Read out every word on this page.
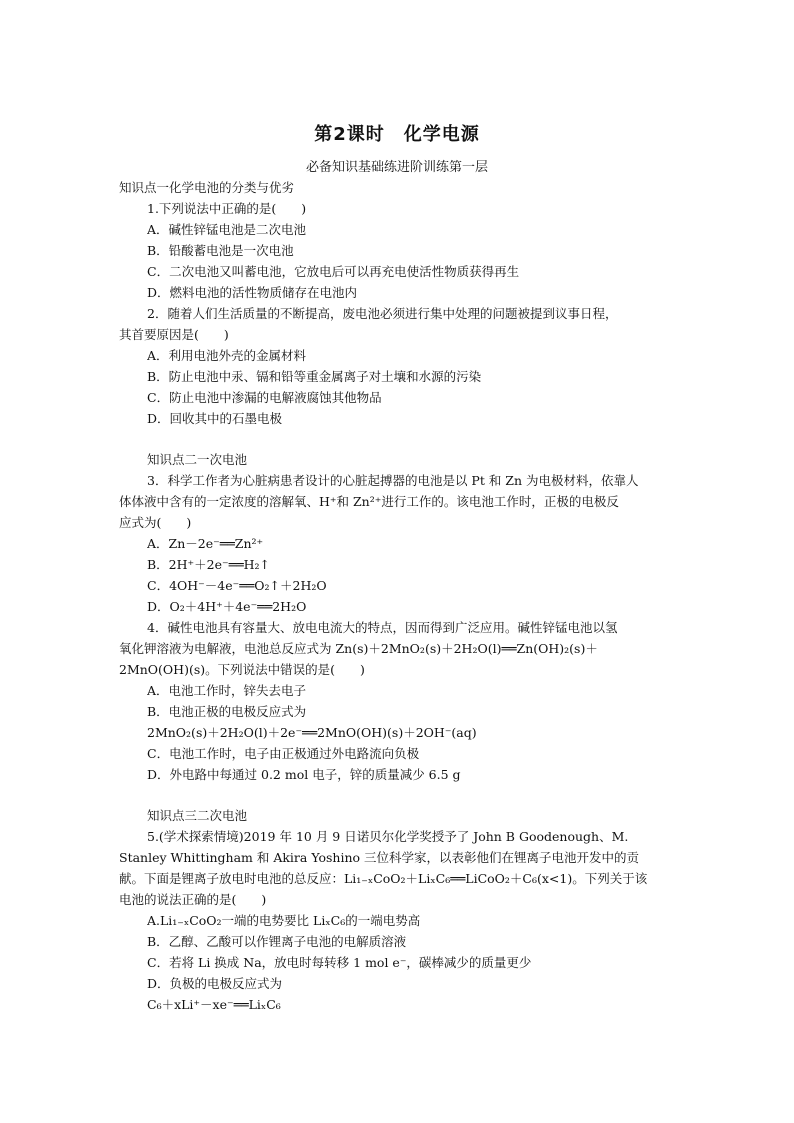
第2课时　化学电源
必备知识基础练进阶训练第一层
知识点一化学电池的分类与优劣
1.下列说法中正确的是(　　)
A．碱性锌锰电池是二次电池
B．铅酸蓄电池是一次电池
C．二次电池又叫蓄电池，它放电后可以再充电使活性物质获得再生
D．燃料电池的活性物质储存在电池内
2．随着人们生活质量的不断提高，废电池必须进行集中处理的问题被提到议事日程，
其首要原因是(　　)
A．利用电池外壳的金属材料
B．防止电池中汞、镉和铅等重金属离子对土壤和水源的污染
C．防止电池中渗漏的电解液腐蚀其他物品
D．回收其中的石墨电极
知识点二一次电池
3．科学工作者为心脏病患者设计的心脏起搏器的电池是以 Pt 和 Zn 为电极材料，依靠人
体体液中含有的一定浓度的溶解氧、H⁺和 Zn²⁺进行工作的。该电池工作时，正极的电极反
应式为(　　)
A．Zn－2e⁻══Zn²⁺
B．2H⁺＋2e⁻══H₂↑
C．4OH⁻－4e⁻══O₂↑＋2H₂O
D．O₂＋4H⁺＋4e⁻══2H₂O
4．碱性电池具有容量大、放电电流大的特点，因而得到广泛应用。碱性锌锰电池以氢
氧化钾溶液为电解液，电池总反应式为 Zn(s)＋2MnO₂(s)＋2H₂O(l)══Zn(OH)₂(s)＋
2MnO(OH)(s)。下列说法中错误的是(　　)
A．电池工作时，锌失去电子
B．电池正极的电极反应式为
2MnO₂(s)＋2H₂O(l)＋2e⁻══2MnO(OH)(s)＋2OH⁻(aq)
C．电池工作时，电子由正极通过外电路流向负极
D．外电路中每通过 0.2 mol 电子，锌的质量减少 6.5 g
知识点三二次电池
5.(学术探索情境)2019 年 10 月 9 日诺贝尔化学奖授予了 John B Goodenough、M.
Stanley Whittingham 和 Akira Yoshino 三位科学家，以表彰他们在锂离子电池开发中的贡
献。下面是锂离子放电时电池的总反应：Li₁₋ₓCoO₂＋LiₓC₆══LiCoO₂＋C₆(x<1)。下列关于该
电池的说法正确的是(　　)
A.Li₁₋ₓCoO₂一端的电势要比 LiₓC₆的一端电势高
B．乙醇、乙酸可以作锂离子电池的电解质溶液
C．若将 Li 换成 Na，放电时每转移 1 mol e⁻，碳棒减少的质量更少
D．负极的电极反应式为
C₆＋xLi⁺－xe⁻══LiₓC₆
